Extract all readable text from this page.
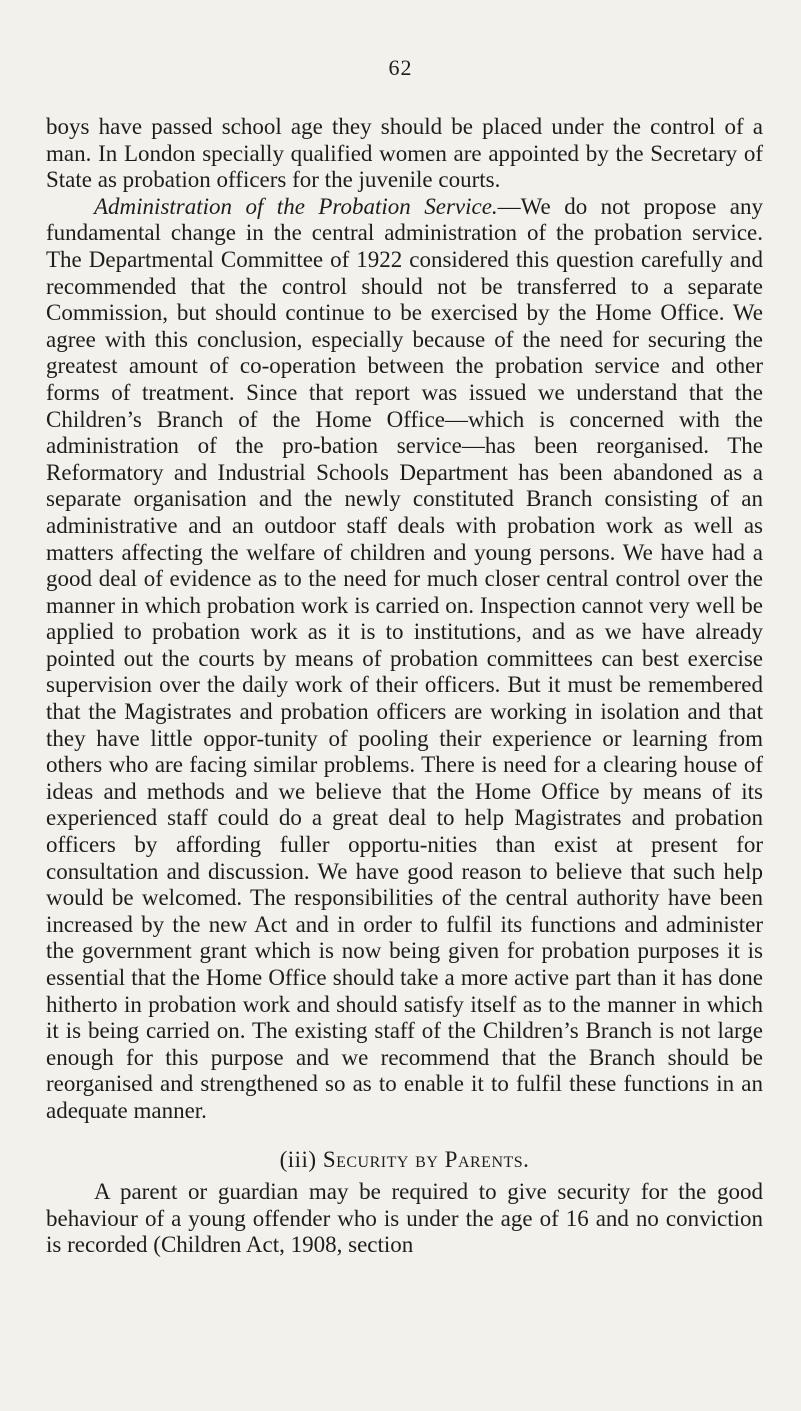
62

boys have passed school age they should be placed under the control of a man. In London specially qualified women are appointed by the Secretary of State as probation officers for the juvenile courts.

Administration of the Probation Service.—We do not propose any fundamental change in the central administration of the probation service. The Departmental Committee of 1922 considered this question carefully and recommended that the control should not be transferred to a separate Commission, but should continue to be exercised by the Home Office. We agree with this conclusion, especially because of the need for securing the greatest amount of co-operation between the probation service and other forms of treatment. Since that report was issued we understand that the Children’s Branch of the Home Office—which is concerned with the administration of the pro-bation service—has been reorganised. The Reformatory and Industrial Schools Department has been abandoned as a separate organisation and the newly constituted Branch consisting of an administrative and an outdoor staff deals with probation work as well as matters affecting the welfare of children and young persons. We have had a good deal of evidence as to the need for much closer central control over the manner in which probation work is carried on. Inspection cannot very well be applied to probation work as it is to institutions, and as we have already pointed out the courts by means of probation committees can best exercise supervision over the daily work of their officers. But it must be remembered that the Magistrates and probation officers are working in isolation and that they have little oppor-tunity of pooling their experience or learning from others who are facing similar problems. There is need for a clearing house of ideas and methods and we believe that the Home Office by means of its experienced staff could do a great deal to help Magistrates and probation officers by affording fuller opportu-nities than exist at present for consultation and discussion. We have good reason to believe that such help would be welcomed. The responsibilities of the central authority have been increased by the new Act and in order to fulfil its functions and administer the government grant which is now being given for probation purposes it is essential that the Home Office should take a more active part than it has done hitherto in probation work and should satisfy itself as to the manner in which it is being carried on. The existing staff of the Children’s Branch is not large enough for this purpose and we recommend that the Branch should be reorganised and strengthened so as to enable it to fulfil these functions in an adequate manner.

(iii) Security by Parents.

A parent or guardian may be required to give security for the good behaviour of a young offender who is under the age of 16 and no conviction is recorded (Children Act, 1908, section
